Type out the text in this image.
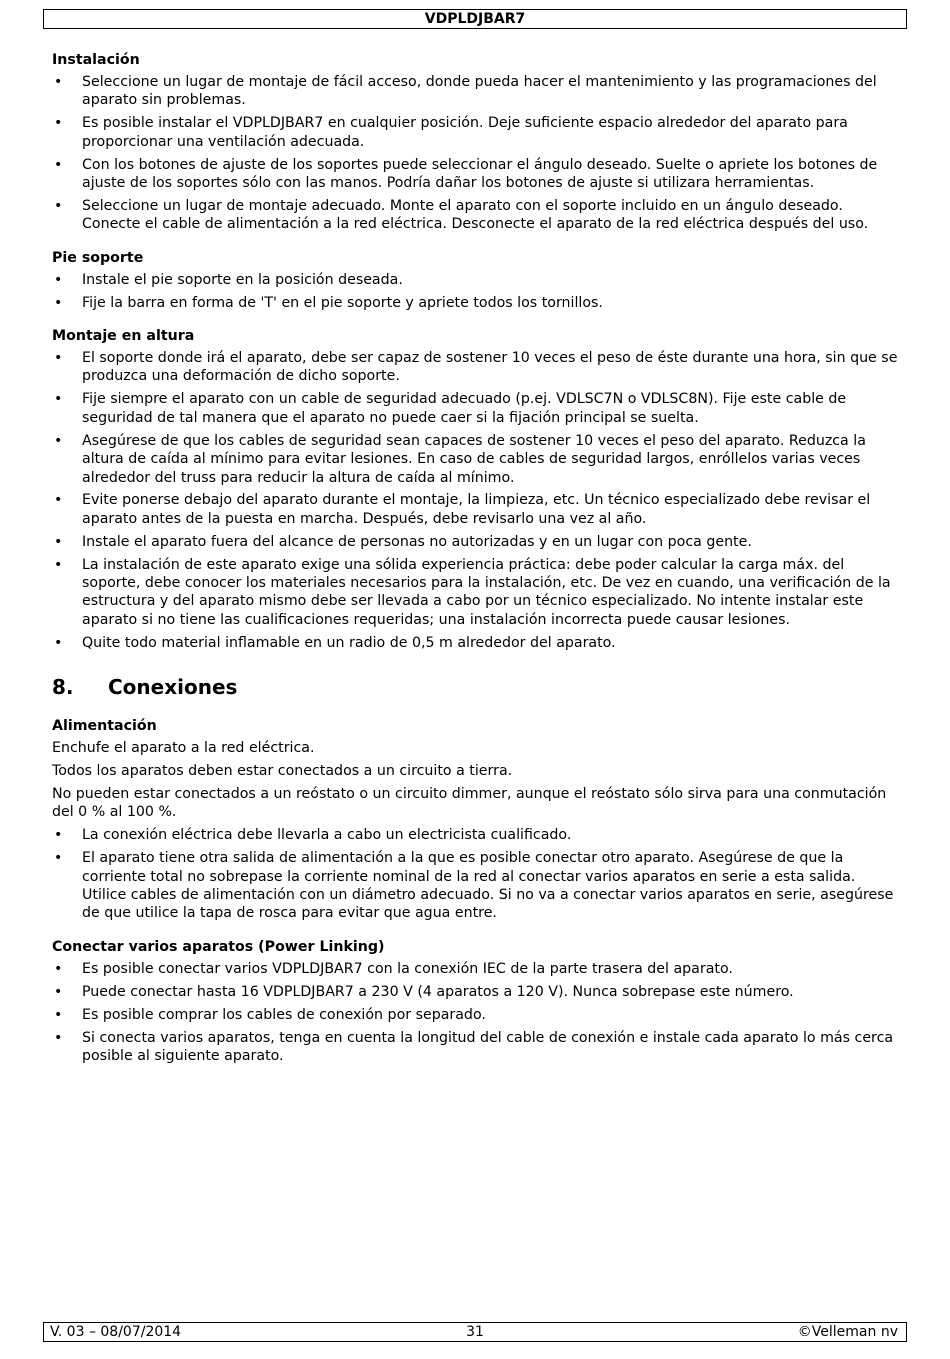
VDPLDJBAR7
Instalación
• Seleccione un lugar de montaje de fácil acceso, donde pueda hacer el mantenimiento y las programaciones del aparato sin problemas.
• Es posible instalar el VDPLDJBAR7 en cualquier posición. Deje suficiente espacio alrededor del aparato para proporcionar una ventilación adecuada.
• Con los botones de ajuste de los soportes puede seleccionar el ángulo deseado. Suelte o apriete los botones de ajuste de los soportes sólo con las manos. Podría dañar los botones de ajuste si utilizara herramientas.
• Seleccione un lugar de montaje adecuado. Monte el aparato con el soporte incluido en un ángulo deseado. Conecte el cable de alimentación a la red eléctrica. Desconecte el aparato de la red eléctrica después del uso.
Pie soporte
• Instale el pie soporte en la posición deseada.
• Fije la barra en forma de 'T' en el pie soporte y apriete todos los tornillos.
Montaje en altura
• El soporte donde irá el aparato, debe ser capaz de sostener 10 veces el peso de éste durante una hora, sin que se produzca una deformación de dicho soporte.
• Fije siempre el aparato con un cable de seguridad adecuado (p.ej. VDLSC7N o VDLSC8N). Fije este cable de seguridad de tal manera que el aparato no puede caer si la fijación principal se suelta.
• Asegúrese de que los cables de seguridad sean capaces de sostener 10 veces el peso del aparato. Reduzca la altura de caída al mínimo para evitar lesiones. En caso de cables de seguridad largos, enróllelos varias veces alrededor del truss para reducir la altura de caída al mínimo.
• Evite ponerse debajo del aparato durante el montaje, la limpieza, etc. Un técnico especializado debe revisar el aparato antes de la puesta en marcha. Después, debe revisarlo una vez al año.
• Instale el aparato fuera del alcance de personas no autorizadas y en un lugar con poca gente.
• La instalación de este aparato exige una sólida experiencia práctica: debe poder calcular la carga máx. del soporte, debe conocer los materiales necesarios para la instalación, etc. De vez en cuando, una verificación de la estructura y del aparato mismo debe ser llevada a cabo por un técnico especializado. No intente instalar este aparato si no tiene las cualificaciones requeridas; una instalación incorrecta puede causar lesiones.
• Quite todo material inflamable en un radio de 0,5 m alrededor del aparato.
8. Conexiones
Alimentación

Enchufe el aparato a la red eléctrica.

Todos los aparatos deben estar conectados a un circuito a tierra.

No pueden estar conectados a un reóstato o un circuito dimmer, aunque el reóstato sólo sirva para una conmutación del 0 % al 100 %.

• La conexión eléctrica debe llevarla a cabo un electricista cualificado.
• El aparato tiene otra salida de alimentación a la que es posible conectar otro aparato. Asegúrese de que la corriente total no sobrepase la corriente nominal de la red al conectar varios aparatos en serie a esta salida. Utilice cables de alimentación con un diámetro adecuado. Si no va a conectar varios aparatos en serie, asegúrese de que utilice la tapa de rosca para evitar que agua entre.
Conectar varios aparatos (Power Linking)
• Es posible conectar varios VDPLDJBAR7 con la conexión IEC de la parte trasera del aparato.
• Puede conectar hasta 16 VDPLDJBAR7 a 230 V (4 aparatos a 120 V). Nunca sobrepase este número.
• Es posible comprar los cables de conexión por separado.
• Si conecta varios aparatos, tenga en cuenta la longitud del cable de conexión e instale cada aparato lo más cerca posible al siguiente aparato.
V. 03 – 08/07/2014	31	©Velleman nv
